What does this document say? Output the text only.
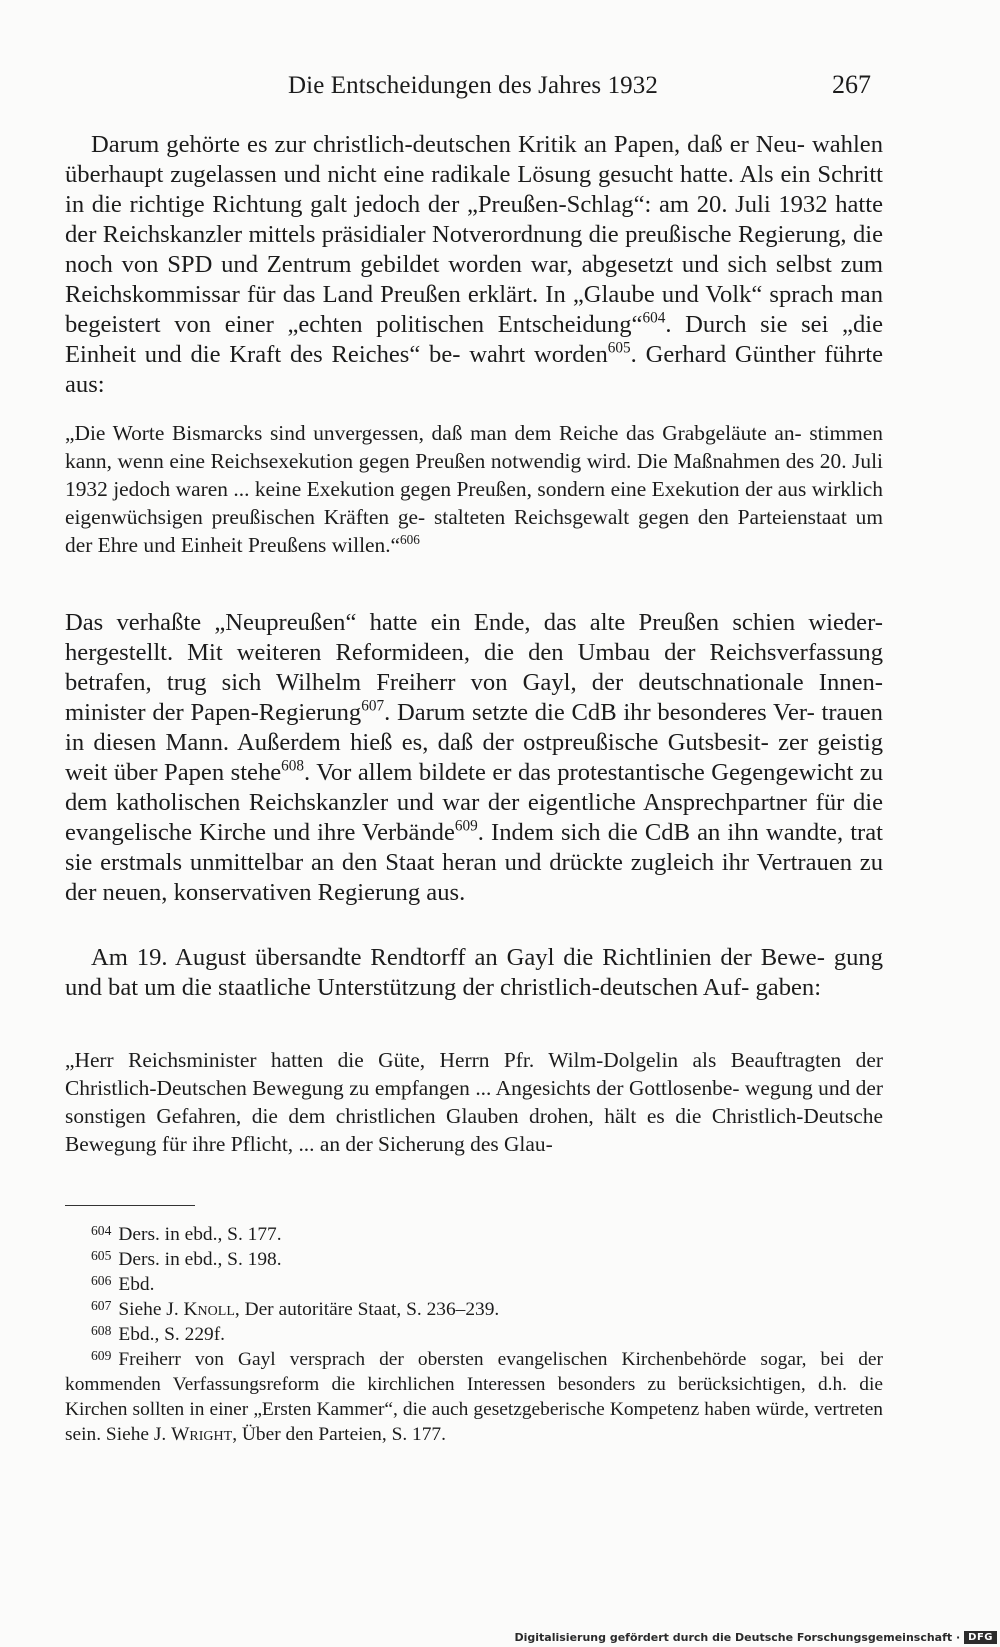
Die Entscheidungen des Jahres 1932	267
Darum gehörte es zur christlich-deutschen Kritik an Papen, daß er Neu- wahlen überhaupt zugelassen und nicht eine radikale Lösung gesucht hatte. Als ein Schritt in die richtige Richtung galt jedoch der „Preußen-Schlag“: am 20. Juli 1932 hatte der Reichskanzler mittels präsidialer Notverordnung die preußische Regierung, die noch von SPD und Zentrum gebildet worden war, abgesetzt und sich selbst zum Reichskommissar für das Land Preußen erklärt. In „Glaube und Volk“ sprach man begeistert von einer „echten politischen Entscheidung“$^{604}$. Durch sie sei „die Einheit und die Kraft des Reiches“ be- wahrt worden$^{605}$. Gerhard Günther führte aus:
„Die Worte Bismarcks sind unvergessen, daß man dem Reiche das Grabgeläute an- stimmen kann, wenn eine Reichsexekution gegen Preußen notwendig wird. Die Maßnahmen des 20. Juli 1932 jedoch waren ... keine Exekution gegen Preußen, sondern eine Exekution der aus wirklich eigenwüchsigen preußischen Kräften ge- stalteten Reichsgewalt gegen den Parteienstaat um der Ehre und Einheit Preußens willen.“$^{606}$
Das verhaßte „Neupreußen“ hatte ein Ende, das alte Preußen schien wieder- hergestellt. Mit weiteren Reformideen, die den Umbau der Reichsverfassung betrafen, trug sich Wilhelm Freiherr von Gayl, der deutschnationale Innen- minister der Papen-Regierung$^{607}$. Darum setzte die CdB ihr besonderes Ver- trauen in diesen Mann. Außerdem hieß es, daß der ostpreußische Gutsbesit- zer geistig weit über Papen stehe$^{608}$. Vor allem bildete er das protestantische Gegengewicht zu dem katholischen Reichskanzler und war der eigentliche Ansprechpartner für die evangelische Kirche und ihre Verbände$^{609}$. Indem sich die CdB an ihn wandte, trat sie erstmals unmittelbar an den Staat heran und drückte zugleich ihr Vertrauen zu der neuen, konservativen Regierung aus.
Am 19. August übersandte Rendtorff an Gayl die Richtlinien der Bewe- gung und bat um die staatliche Unterstützung der christlich-deutschen Auf- gaben:
„Herr Reichsminister hatten die Güte, Herrn Pfr. Wilm-Dolgelin als Beauftragten der Christlich-Deutschen Bewegung zu empfangen ... Angesichts der Gottlosenbe- wegung und der sonstigen Gefahren, die dem christlichen Glauben drohen, hält es die Christlich-Deutsche Bewegung für ihre Pflicht, ... an der Sicherung des Glau-
$^{604}$ Ders. in ebd., S. 177.
$^{605}$ Ders. in ebd., S. 198.
$^{606}$ Ebd.
$^{607}$ Siehe J. Knoll, Der autoritäre Staat, S. 236–239.
$^{608}$ Ebd., S. 229f.
$^{609}$ Freiherr von Gayl versprach der obersten evangelischen Kirchenbehörde sogar, bei der kommenden Verfassungsreform die kirchlichen Interessen besonders zu berücksichtigen, d.h. die Kirchen sollten in einer „Ersten Kammer“, die auch gesetzgeberische Kompetenz haben würde, vertreten sein. Siehe J. Wright, Über den Parteien, S. 177.
Digitalisierung gefördert durch die Deutsche Forschungsgemeinschaft · DFG
